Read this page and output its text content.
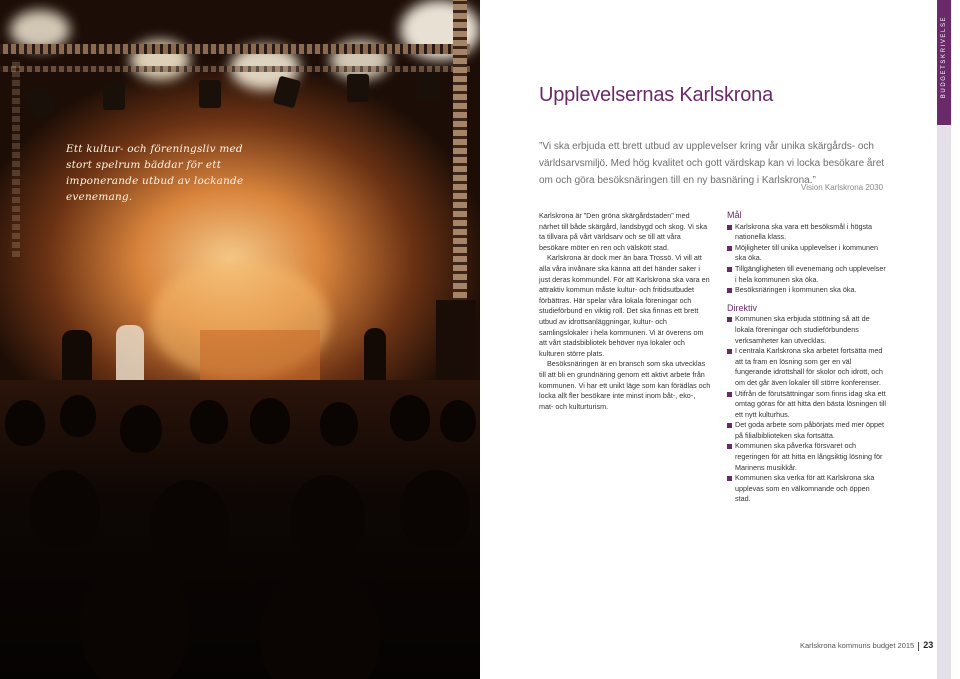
Ett kultur- och föreningsliv med stort spelrum bäddar för ett imponerande utbud av lockande evenemang.
BUDGETSKRIVELSE
Upplevelsernas Karlskrona
”Vi ska erbjuda ett brett utbud av upplevelser kring vår unika skärgårds- och världsarvsmiljö. Med hög kvalitet och gott värdskap kan vi locka besökare året om och göra besöksnäringen till en ny basnäring i Karlskrona.”
Vision Karlskrona 2030

Karlskrona är ”Den gröna skärgårdstaden” med närhet till både skärgård, landsbygd och skog. Vi ska ta tillvara på vårt världsarv och se till att våra besökare möter en ren och välskött stad.

Karlskrona är dock mer än bara Trossö. Vi vill att alla våra invånare ska känna att det händer saker i just deras kommundel. För att Karlskrona ska vara en attraktiv kommun måste kultur- och fritidsutbudet förbättras. Här spelar våra lokala föreningar och studieförbund en viktig roll. Det ska finnas ett brett utbud av idrottsanläggningar, kultur- och samlingslokaler i hela kommunen. Vi är överens om att vårt stadsbibliotek behöver nya lokaler och kulturen större plats.

Besöksnäringen är en bransch som ska utvecklas till att bli en grundnäring genom ett aktivt arbete från kommunen. Vi har ett unikt läge som kan förädlas och locka allt fler besökare inte minst inom båt-, eko-, mat- och kulturturism.

Mål
Karlskrona ska vara ett besöksmål i högsta nationella klass.
Möjligheter till unika upplevelser i kommunen ska öka.
Tillgängligheten till evenemang och upplevelser i hela kommunen ska öka.
Besöksnäringen i kommunen ska öka.
Direktiv
Kommunen ska erbjuda stöttning så att de lokala föreningar och studieförbundens verksamheter kan utvecklas.
I centrala Karlskrona ska arbetet fortsätta med att ta fram en lösning som ger en väl fungerande idrottshall för skolor och idrott, och om det går även lokaler till större konferenser.
Utifrån de förutsättningar som finns idag ska ett omtag göras för att hitta den bästa lösningen till ett nytt kulturhus.
Det goda arbete som påbörjats med mer öppet på filialbiblioteken ska fortsätta.
Kommunen ska påverka försvaret och regeringen för att hitta en långsiktig lösning för Marinens musikkår.
Kommunen ska verka för att Karlskrona ska upplevas som en välkomnande och öppen stad.
Karlskrona kommuns budget 2015 23
